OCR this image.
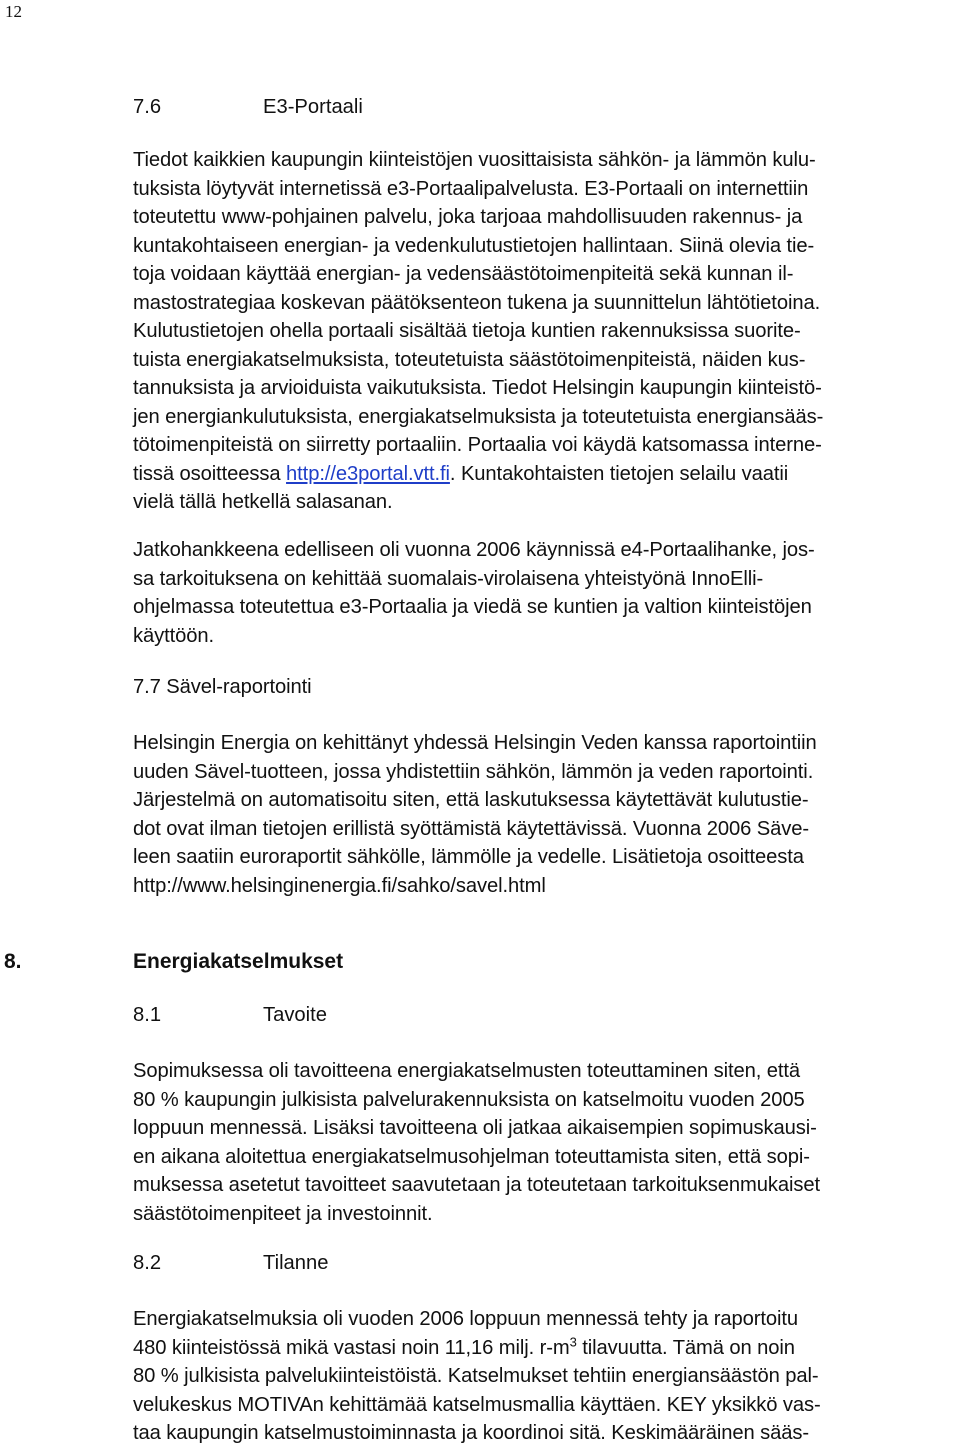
12
7.6	E3-Portaali
Tiedot kaikkien kaupungin kiinteistöjen vuosittaisista sähkön- ja lämmön kulu-
tuksista löytyvät internetissä e3-Portaalipalvelusta. E3-Portaali on internettiin
toteutettu www-pohjainen palvelu, joka tarjoaa mahdollisuuden rakennus- ja
kuntakohtaiseen energian- ja vedenkulutustietojen hallintaan. Siinä olevia tie-
toja voidaan käyttää energian- ja vedensäästötoimenpiteitä sekä kunnan il-
mastostrategiaa koskevan päätöksenteon tukena ja suunnittelun lähtötietoina.
Kulutustietojen ohella portaali sisältää tietoja kuntien rakennuksissa suorite-
tuista energiakatselmuksista, toteutetuista säästötoimenpiteistä, näiden kus-
tannuksista ja arvioiduista vaikutuksista. Tiedot Helsingin kaupungin kiinteistö-
jen energiankulutuksista, energiakatselmuksista ja toteutetuista energiansääs-
tötoimenpiteistä on siirretty portaaliin. Portaalia voi käydä katsomassa interne-
tissä osoitteessa http://e3portal.vtt.fi. Kuntakohtaisten tietojen selailu vaatii
vielä tällä hetkellä salasanan.
Jatkohankkeena edelliseen oli vuonna 2006 käynnissä e4-Portaalihanke, jos-
sa tarkoituksena on kehittää suomalais-virolaisena yhteistyönä InnoElli-
ohjelmassa toteutettua e3-Portaalia ja viedä se kuntien ja valtion kiinteistöjen
käyttöön.
7.7 Sävel-raportointi
Helsingin Energia on kehittänyt yhdessä Helsingin Veden kanssa raportointiin
uuden Sävel-tuotteen, jossa yhdistettiin sähkön, lämmön ja veden raportointi.
Järjestelmä on automatisoitu siten, että laskutuksessa käytettävät kulutustie-
dot ovat ilman tietojen erillistä syöttämistä käytettävissä. Vuonna 2006 Säve-
leen saatiin euroraportit sähkölle, lämmölle ja vedelle. Lisätietoja osoitteesta
http://www.helsinginenergia.fi/sahko/savel.html
8.	Energiakatselmukset
8.1	Tavoite
Sopimuksessa oli tavoitteena energiakatselmusten toteuttaminen siten, että
80 % kaupungin julkisista palvelurakennuksista on katselmoitu vuoden 2005
loppuun mennessä. Lisäksi tavoitteena oli jatkaa aikaisempien sopimuskausi-
en aikana aloitettua energiakatselmusohjelman toteuttamista siten, että sopi-
muksessa asetetut tavoitteet saavutetaan ja toteutetaan tarkoituksenmukaiset
säästötoimenpiteet ja investoinnit.
8.2	Tilanne
Energiakatselmuksia oli vuoden 2006 loppuun mennessä tehty ja raportoitu
480 kiinteistössä mikä vastasi noin 11,16 milj. $r-m^3$ tilavuutta. Tämä on noin
80 % julkisista palvelukiinteistöistä. Katselmukset tehtiin energiansäästön pal-
velukeskus MOTIVAn kehittämää katselmusmallia käyttäen. KEY yksikkö vas-
taa kaupungin katselmustoiminnasta ja koordinoi sitä. Keskimääräinen sääs-
